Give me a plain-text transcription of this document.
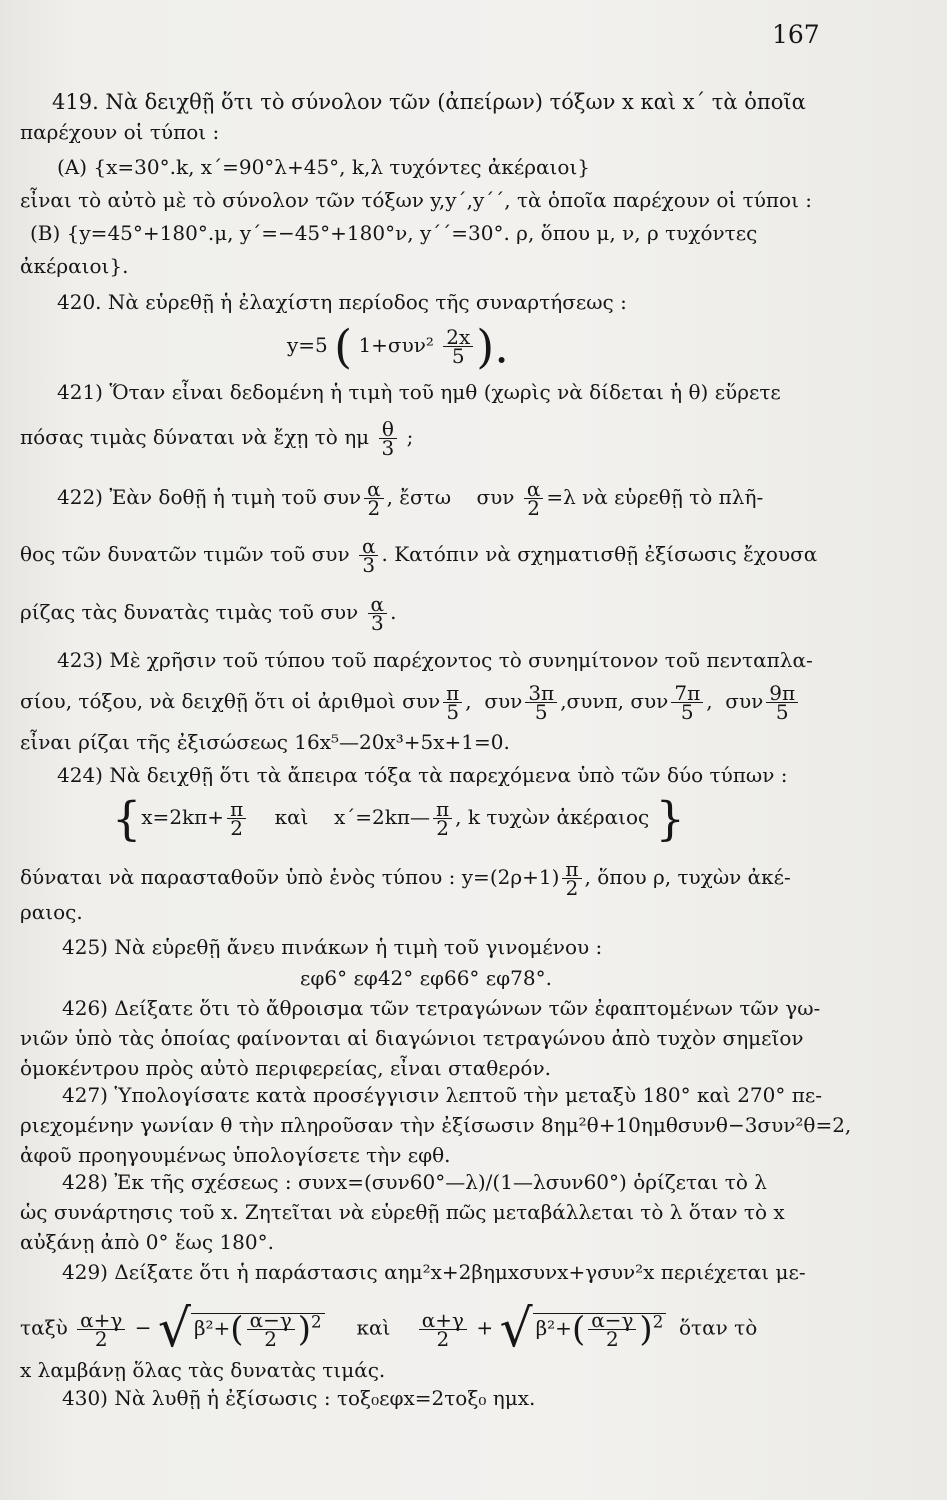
167
419. Νὰ δειχθῇ ὅτι τὸ σύνολον τῶν (ἀπείρων) τόξων x καὶ x΄ τὰ ὁποῖα
παρέχουν οἱ τύποι :
(A) {x=30°.k, x΄=90°λ+45°, k,λ τυχόντες ἀκέραιοι}
εἶναι τὸ αὐτὸ μὲ τὸ σύνολον τῶν τόξων y,y΄,y΄΄, τὰ ὁποῖα παρέχουν οἱ τύποι :
(B) {y=45°+180°.μ, y΄=−45°+180°ν, y΄΄=30°. ρ, ὅπου μ, ν, ρ τυχόντες
ἀκέραιοι}.
420. Νὰ εὑρεθῇ ἡ ἐλαχίστη περίοδος τῆς συναρτήσεως :
y=5 ( $1+\sigma\upsilon\nu^2 \frac{2x}{5}$ ).
421) Ὅταν εἶναι δεδομένη ἡ τιμὴ τοῦ ημθ (χωρὶς νὰ δίδεται ἡ θ) εὕρετε
πόσας τιμὰς δύναται νὰ ἔχῃ τὸ ημ $\frac{\theta}{3}$ ;
422) Ἐὰν δοθῇ ἡ τιμὴ τοῦ συν $\frac{\alpha}{2}$ , ἔστω συν $\frac{\alpha}{2} =\lambda$ νὰ εὑρεθῇ τὸ πλῆ-
θος τῶν δυνατῶν τιμῶν τοῦ συν $\frac{\alpha}{3}$ . Κατόπιν νὰ σχηματισθῇ ἐξίσωσις ἔχουσα
ρίζας τὰς δυνατὰς τιμὰς τοῦ συν $\frac{\alpha}{3}$ .
423) Μὲ χρῆσιν τοῦ τύπου τοῦ παρέχοντος τὸ συνημίτονον τοῦ πενταπλα-
σίου, τόξου, νὰ δειχθῇ ὅτι οἱ ἀριθμοὶ συν $\frac{\pi}{5}$ , συν $\frac{3\pi}{5} ,\sigma\upsilon\nu\pi$, συν $\frac{7\pi}{5}$ , συν $\frac{9\pi}{5}$
εἶναι ρίζαι τῆς ἐξισώσεως 16x⁵—20x³+5x+1=0.
424) Νὰ δειχθῇ ὅτι τὰ ἄπειρα τόξα τὰ παρεχόμενα ὑπὸ τῶν δύο τύπων :
{$x=2k\pi+ \frac{\pi}{2}$ καὶ x΄=2kπ— $\frac{\pi}{2}$ , k τυχὼν ἀκέραιος }
δύναται νὰ παρασταθοῦν ὑπὸ ἑνὸς τύπου : $y=(2\rho+1) \frac{\pi}{2}$ , ὅπου ρ, τυχὼν ἀκέ-
ραιος.
425) Νὰ εὑρεθῇ ἄνευ πινάκων ἡ τιμὴ τοῦ γινομένου :
εφ6° εφ42° εφ66° εφ78°.
426) Δείξατε ὅτι τὸ ἄθροισμα τῶν τετραγώνων τῶν ἐφαπτομένων τῶν γω-
νιῶν ὑπὸ τὰς ὁποίας φαίνονται αἱ διαγώνιοι τετραγώνου ἀπὸ τυχὸν σημεῖον
ὁμοκέντρου πρὸς αὐτὸ περιφερείας, εἶναι σταθερόν.
427) Ὑπολογίσατε κατὰ προσέγγισιν λεπτοῦ τὴν μεταξὺ 180° καὶ 270° πε-
ριεχομένην γωνίαν θ τὴν πληροῦσαν τὴν ἐξίσωσιν 8ημ²θ+10ημθσυνθ−3συν²θ=2,
ἀφοῦ προηγουμένως ὑπολογίσετε τὴν εφθ.
428) Ἐκ τῆς σχέσεως : συνx=(συν60°—λ)/(1—λσυν60°) ὁρίζεται τὸ λ
ὡς συνάρτησις τοῦ x. Ζητεῖται νὰ εὑρεθῇ πῶς μεταβάλλεται τὸ λ ὅταν τὸ x
αὐξάνῃ ἀπὸ 0° ἕως 180°.
429) Δείξατε ὅτι ἡ παράστασις αημ²x+2βημxσυνx+γσυν²x περιέχεται με-
ταξὺ $\frac{\alpha+\gamma}{2}$ − √ $\beta^2+( \frac{\alpha-\gamma}{2} )^2$ καὶ $\frac{\alpha+\gamma}{2}$ + √ $\beta^2+( \frac{\alpha-\gamma}{2} )^2$ ὅταν τὸ
x λαμβάνῃ ὅλας τὰς δυνατὰς τιμάς.
430) Νὰ λυθῇ ἡ ἐξίσωσις : τοξ₀εφx=2τοξ₀ ημx.
